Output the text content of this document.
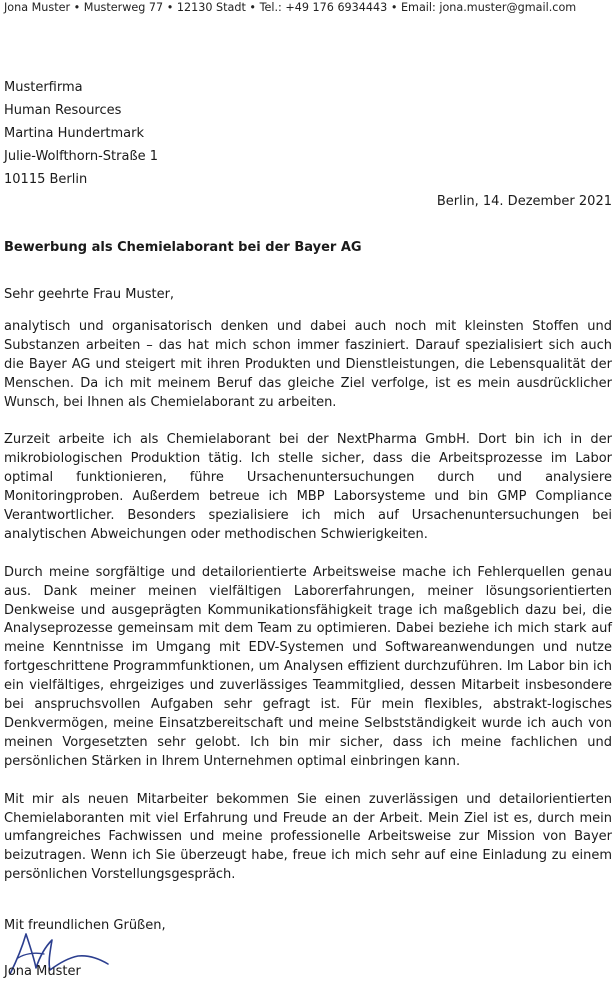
Jona Muster • Musterweg 77 • 12130 Stadt • Tel.: +49 176 6934443 • Email: jona.muster@gmail.com
Musterfirma
Human Resources
Martina Hundertmark
Julie-Wolfthorn-Straße 1
10115 Berlin
Berlin, 14. Dezember 2021
Bewerbung als Chemielaborant bei der Bayer AG
Sehr geehrte Frau Muster,

analytisch und organisatorisch denken und dabei auch noch mit kleinsten Stoffen und Substanzen arbeiten – das hat mich schon immer fasziniert. Darauf spezialisiert sich auch die Bayer AG und steigert mit ihren Produkten und Dienstleistungen, die Lebensqualität der Menschen. Da ich mit meinem Beruf das gleiche Ziel verfolge, ist es mein ausdrücklicher Wunsch, bei Ihnen als Chemielaborant zu arbeiten.

Zurzeit arbeite ich als Chemielaborant bei der NextPharma GmbH. Dort bin ich in der mikrobiologischen Produktion tätig. Ich stelle sicher, dass die Arbeitsprozesse im Labor optimal funktionieren, führe Ursachenuntersuchungen durch und analysiere Monitoringproben. Außerdem betreue ich MBP Laborsysteme und bin GMP Compliance Verantwortlicher. Besonders spezialisiere ich mich auf Ursachenuntersuchungen bei analytischen Abweichungen oder methodischen Schwierigkeiten.

Durch meine sorgfältige und detailorientierte Arbeitsweise mache ich Fehlerquellen genau aus. Dank meiner meinen vielfältigen Laborerfahrungen, meiner lösungsorientierten Denkweise und ausgeprägten Kommunikationsfähigkeit trage ich maßgeblich dazu bei, die Analyseprozesse gemeinsam mit dem Team zu optimieren. Dabei beziehe ich mich stark auf meine Kenntnisse im Umgang mit EDV-Systemen und Softwareanwendungen und nutze fortgeschrittene Programmfunktionen, um Analysen effizient durchzuführen. Im Labor bin ich ein vielfältiges, ehrgeiziges und zuverlässiges Teammitglied, dessen Mitarbeit insbesondere bei anspruchsvollen Aufgaben sehr gefragt ist. Für mein flexibles, abstrakt-logisches Denkvermögen, meine Einsatzbereitschaft und meine Selbstständigkeit wurde ich auch von meinen Vorgesetzten sehr gelobt. Ich bin mir sicher, dass ich meine fachlichen und persönlichen Stärken in Ihrem Unternehmen optimal einbringen kann.

Mit mir als neuen Mitarbeiter bekommen Sie einen zuverlässigen und detailorientierten Chemielaboranten mit viel Erfahrung und Freude an der Arbeit. Mein Ziel ist es, durch mein umfangreiches Fachwissen und meine professionelle Arbeitsweise zur Mission von Bayer beizutragen. Wenn ich Sie überzeugt habe, freue ich mich sehr auf eine Einladung zu einem persönlichen Vorstellungsgespräch.

Mit freundlichen Grüßen,
Jona Muster
